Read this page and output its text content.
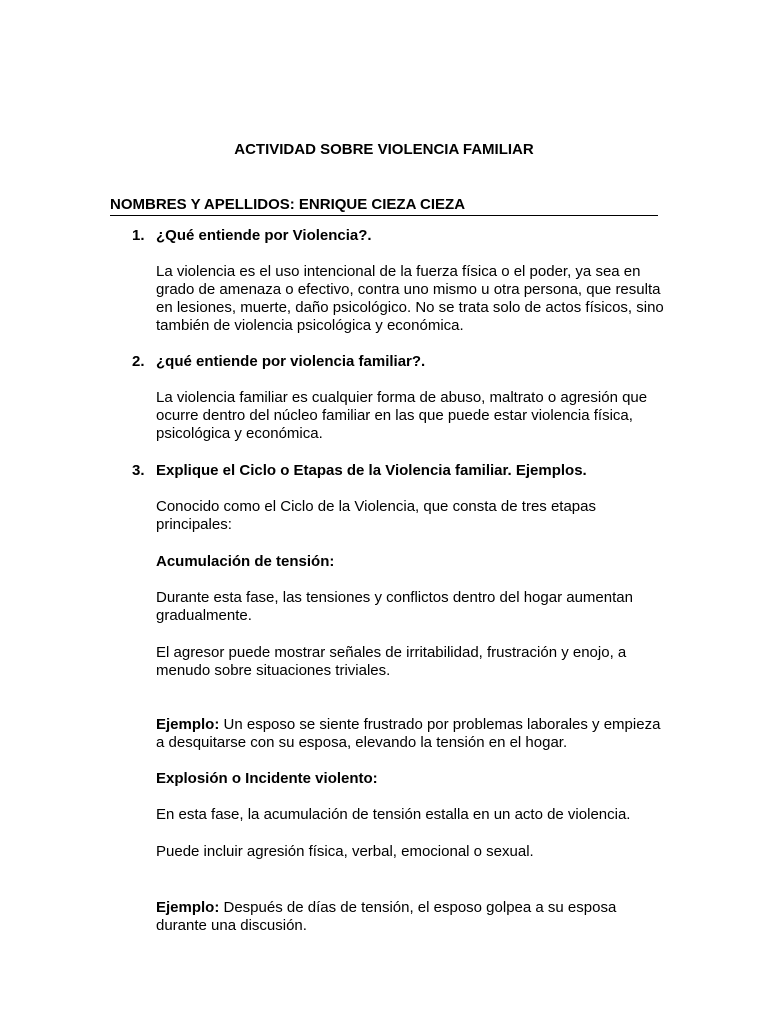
ACTIVIDAD SOBRE VIOLENCIA FAMILIAR
NOMBRES Y APELLIDOS: ENRIQUE CIEZA CIEZA
1. ¿Qué entiende por Violencia?.
La violencia es el uso intencional de la fuerza física o el poder, ya sea en grado de amenaza o efectivo, contra uno mismo u otra persona, que resulta en lesiones, muerte, daño psicológico. No se trata solo de actos físicos, sino también de violencia psicológica y económica.
2. ¿qué entiende por violencia familiar?.
La violencia familiar es cualquier forma de abuso, maltrato o agresión que ocurre dentro del núcleo familiar en las que puede estar violencia física, psicológica y económica.
3. Explique el Ciclo o Etapas de la Violencia familiar. Ejemplos.
Conocido como el Ciclo de la Violencia, que consta de tres etapas principales:
Acumulación de tensión:
Durante esta fase, las tensiones y conflictos dentro del hogar aumentan gradualmente.
El agresor puede mostrar señales de irritabilidad, frustración y enojo, a menudo sobre situaciones triviales.
Ejemplo: Un esposo se siente frustrado por problemas laborales y empieza a desquitarse con su esposa, elevando la tensión en el hogar.
Explosión o Incidente violento:
En esta fase, la acumulación de tensión estalla en un acto de violencia.
Puede incluir agresión física, verbal, emocional o sexual.
Ejemplo: Después de días de tensión, el esposo golpea a su esposa durante una discusión.
